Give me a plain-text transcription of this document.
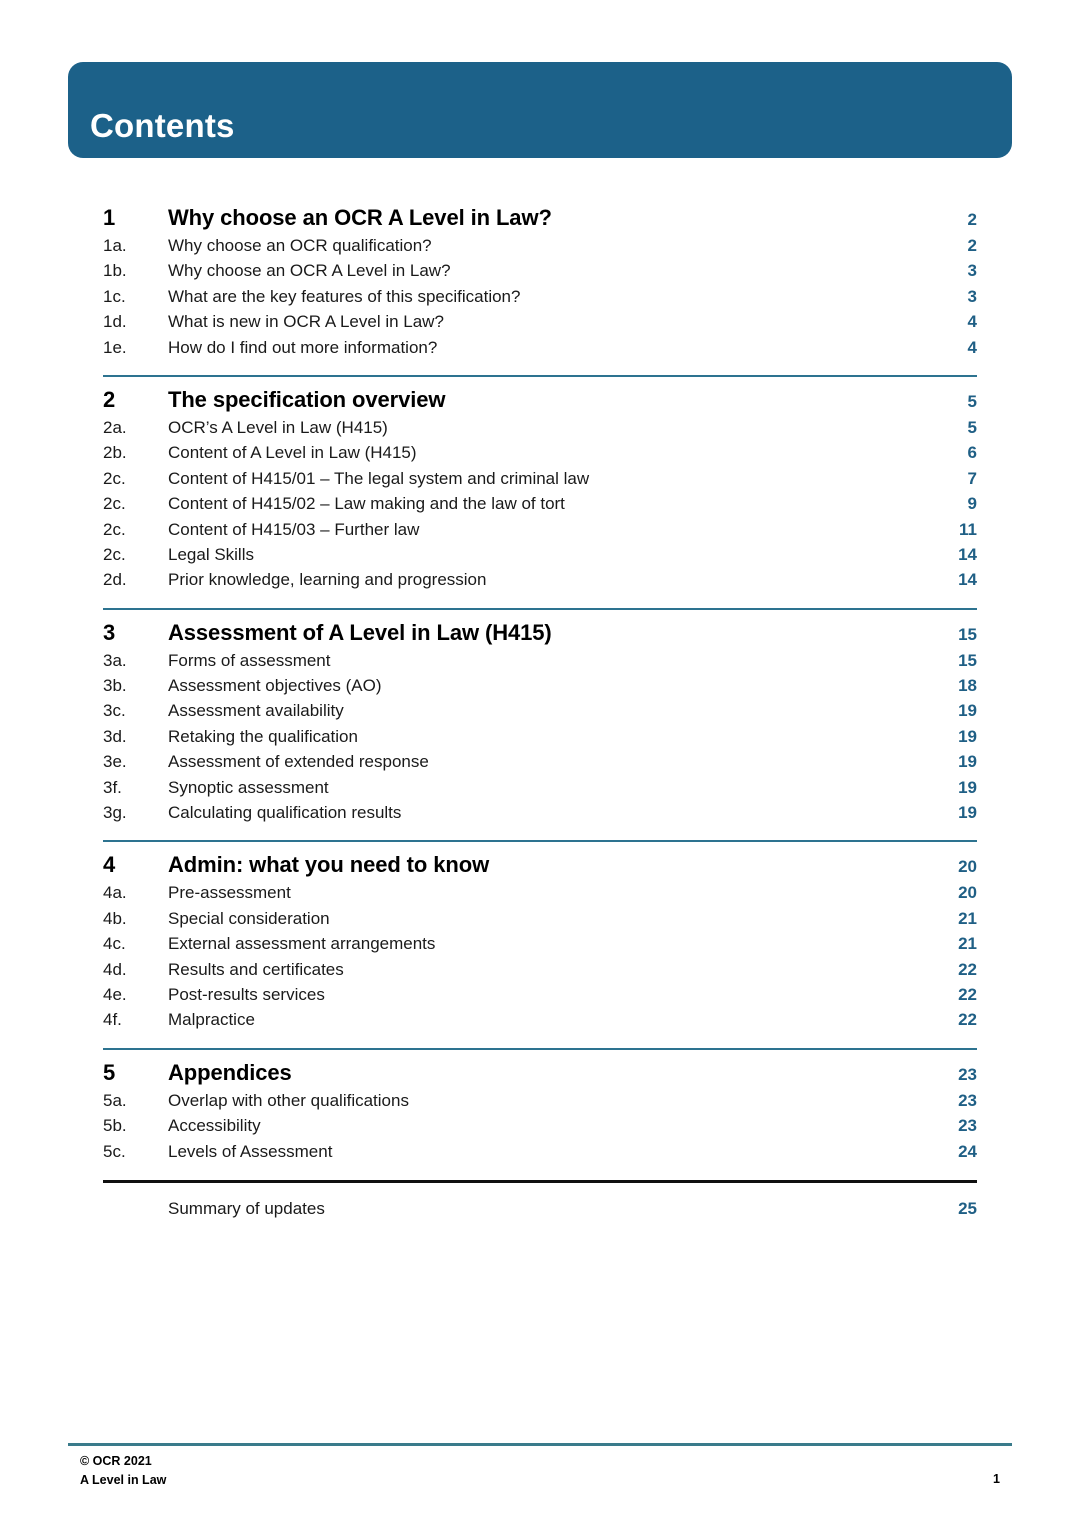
Contents
1	Why choose an OCR A Level in Law?	2
1a.	Why choose an OCR qualification?	2
1b.	Why choose an OCR A Level in Law?	3
1c.	What are the key features of this specification?	3
1d.	What is new in OCR A Level in Law?	4
1e.	How do I find out more information?	4
2	The specification overview	5
2a.	OCR’s A Level in Law (H415)	5
2b.	Content of A Level in Law (H415)	6
2c.	Content of H415/01 – The legal system and criminal law	7
2c.	Content of H415/02 – Law making and the law of tort	9
2c.	Content of H415/03 – Further law	11
2c.	Legal Skills	14
2d.	Prior knowledge, learning and progression	14
3	Assessment of A Level in Law (H415)	15
3a.	Forms of assessment	15
3b.	Assessment objectives (AO)	18
3c.	Assessment availability	19
3d.	Retaking the qualification	19
3e.	Assessment of extended response	19
3f.	Synoptic assessment	19
3g.	Calculating qualification results	19
4	Admin: what you need to know	20
4a.	Pre-assessment	20
4b.	Special consideration	21
4c.	External assessment arrangements	21
4d.	Results and certificates	22
4e.	Post-results services	22
4f.	Malpractice	22
5	Appendices	23
5a.	Overlap with other qualifications	23
5b.	Accessibility	23
5c.	Levels of Assessment	24
Summary of updates	25
© OCR 2021
A Level in Law	1
